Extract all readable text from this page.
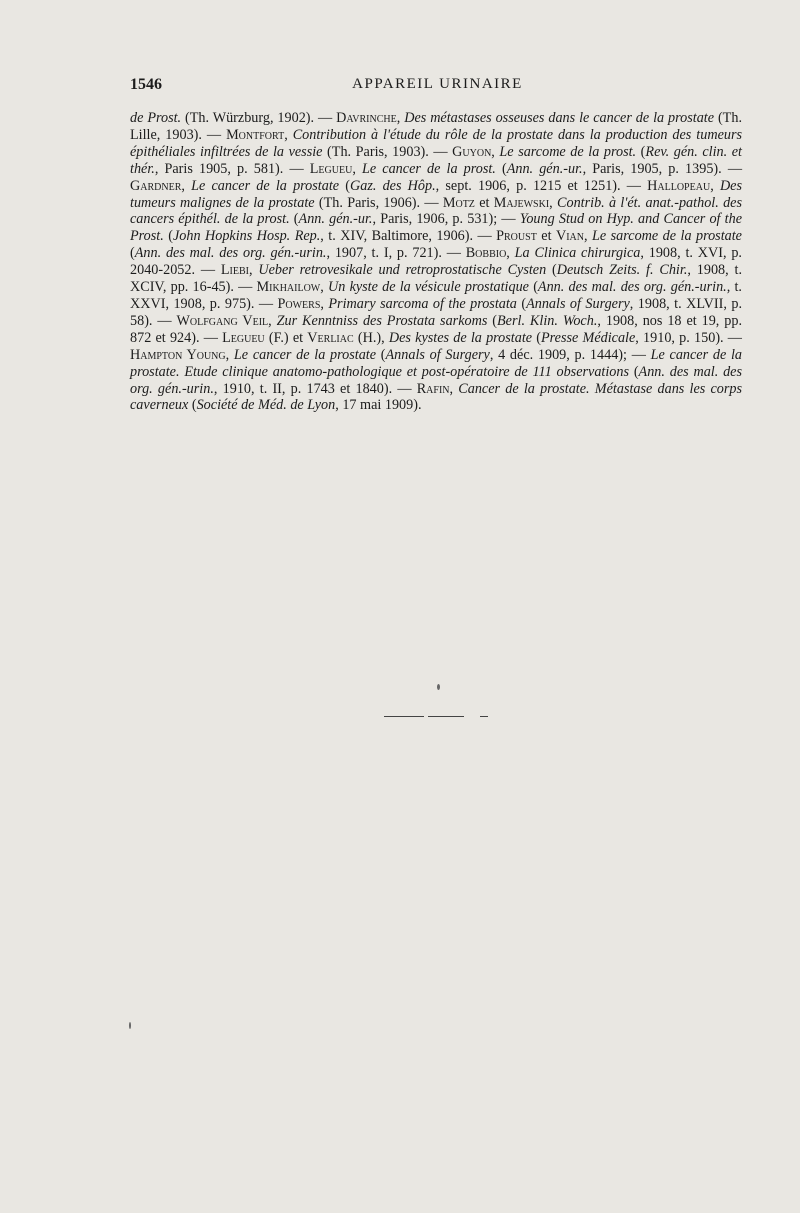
1546	APPAREIL URINAIRE

de Prost. (Th. Würzburg, 1902). — Davrinche, Des métastases osseuses dans le cancer de la prostate (Th. Lille, 1903). — Montfort, Contribution à l'étude du rôle de la prostate dans la production des tumeurs épithéliales infiltrées de la vessie (Th. Paris, 1903). — Guyon, Le sarcome de la prost. (Rev. gén. clin. et thér., Paris 1905, p. 581). — Legueu, Le cancer de la prost. (Ann. gén.-ur., Paris, 1905, p. 1395). — Gardner, Le cancer de la prostate (Gaz. des Hôp., sept. 1906, p. 1215 et 1251). — Hallopeau, Des tumeurs malignes de la prostate (Th. Paris, 1906). — Motz et Majewski, Contrib. à l'ét. anat.-pathol. des cancers épithél. de la prost. (Ann. gén.-ur., Paris, 1906, p. 531); — Young Stud on Hyp. and Cancer of the Prost. (John Hopkins Hosp. Rep., t. XIV, Baltimore, 1906). — Proust et Vian, Le sarcome de la prostate (Ann. des mal. des org. gén.-urin., 1907, t. I, p. 721). — Bobbio, La Clinica chirurgica, 1908, t. XVI, p. 2040-2052. — Liebi, Ueber retrovesikale und retroprostatische Cysten (Deutsch Zeits. f. Chir., 1908, t. XCIV, pp. 16-45). — Mikhailow, Un kyste de la vésicule prostatique (Ann. des mal. des org. gén.-urin., t. XXVI, 1908, p. 975). — Powers, Primary sarcoma of the prostata (Annals of Surgery, 1908, t. XLVII, p. 58). — Wolfgang Veil, Zur Kenntniss des Prostata sarkoms (Berl. Klin. Woch., 1908, nos 18 et 19, pp. 872 et 924). — Legueu (F.) et Verliac (H.), Des kystes de la prostate (Presse Médicale, 1910, p. 150). — Hampton Young, Le cancer de la prostate (Annals of Surgery, 4 déc. 1909, p. 1444); — Le cancer de la prostate. Etude clinique anatomo-pathologique et post-opératoire de 111 observations (Ann. des mal. des org. gén.-urin., 1910, t. II, p. 1743 et 1840). — Rafin, Cancer de la prostate. Métastase dans les corps caverneux (Société de Méd. de Lyon, 17 mai 1909).
